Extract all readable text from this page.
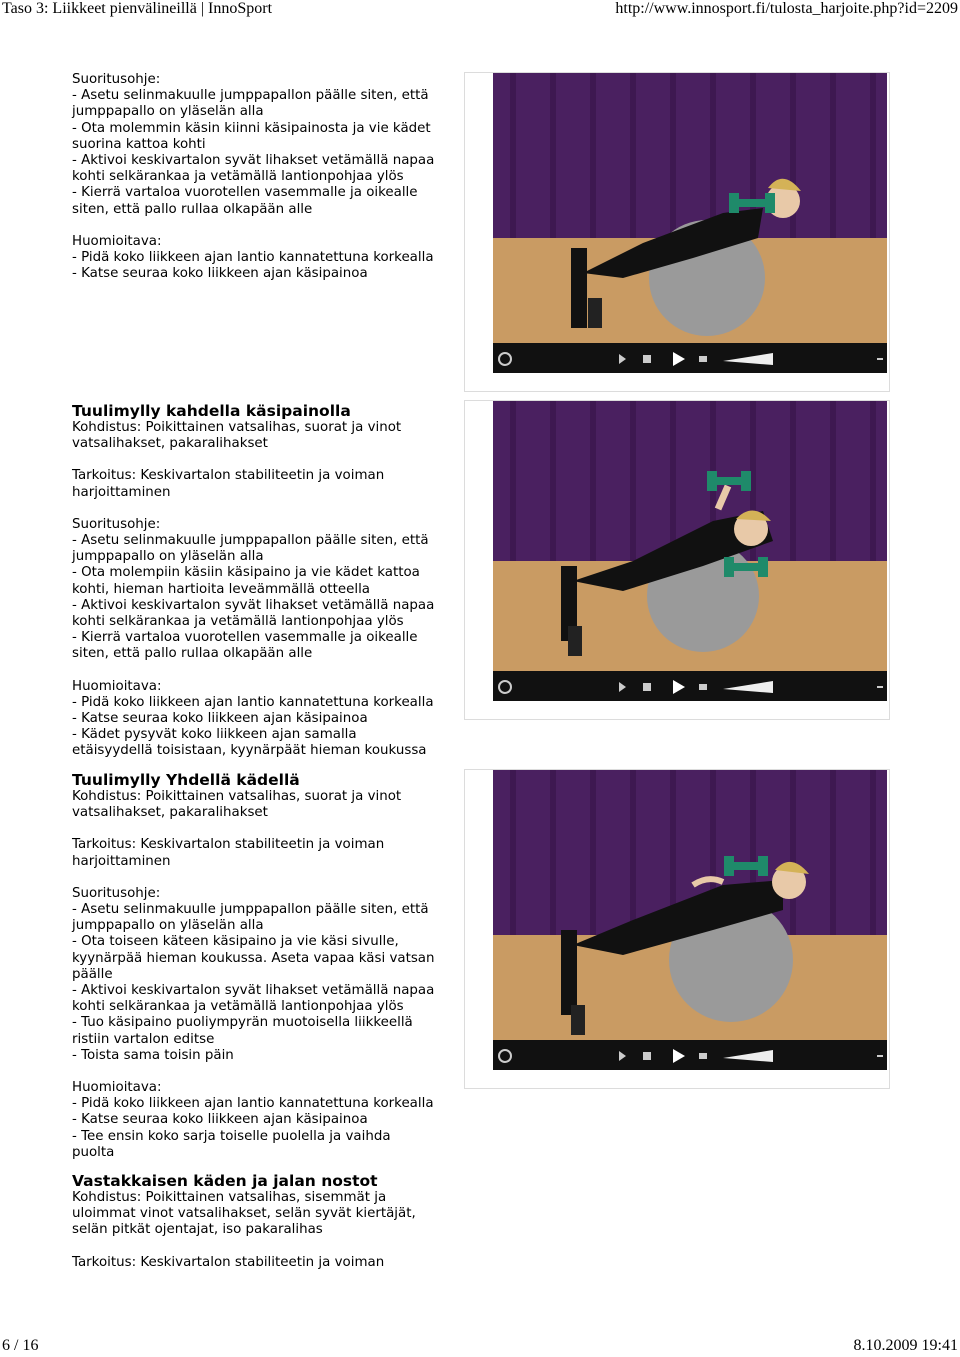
Taso 3: Liikkeet pienvälineillä | InnoSport	http://www.innosport.fi/tulosta_harjoite.php?id=2209

Suoritusohje:

- Asetu selinmakuulle jumppapallon päälle siten, että

jumppapallo on yläselän alla

- Ota molemmin käsin kiinni käsipainosta ja vie kädet

suorina kattoa kohti

- Aktivoi keskivartalon syvät lihakset vetämällä napaa

kohti selkärankaa ja vetämällä lantionpohjaa ylös

- Kierrä vartaloa vuorotellen vasemmalle ja oikealle

siten, että pallo rullaa olkapään alle

Huomioitava:

- Pidä koko liikkeen ajan lantio kannatettuna korkealla

- Katse seuraa koko liikkeen ajan käsipainoa

Tuulimylly kahdella käsipainolla

Kohdistus: Poikittainen vatsalihas, suorat ja vinot

vatsalihakset, pakaralihakset

Tarkoitus: Keskivartalon stabiliteetin ja voiman

harjoittaminen

Suoritusohje:

- Asetu selinmakuulle jumppapallon päälle siten, että

jumppapallo on yläselän alla

- Ota molempiin käsiin käsipaino ja vie kädet kattoa

kohti, hieman hartioita leveämmällä otteella

- Aktivoi keskivartalon syvät lihakset vetämällä napaa

kohti selkärankaa ja vetämällä lantionpohjaa ylös

- Kierrä vartaloa vuorotellen vasemmalle ja oikealle

siten, että pallo rullaa olkapään alle

Huomioitava:

- Pidä koko liikkeen ajan lantio kannatettuna korkealla

- Katse seuraa koko liikkeen ajan käsipainoa

- Kädet pysyvät koko liikkeen ajan samalla

etäisyydellä toisistaan, kyynärpäät hieman koukussa

Tuulimylly Yhdellä kädellä

Kohdistus: Poikittainen vatsalihas, suorat ja vinot

vatsalihakset, pakaralihakset

Tarkoitus: Keskivartalon stabiliteetin ja voiman

harjoittaminen

Suoritusohje:

- Asetu selinmakuulle jumppapallon päälle siten, että

jumppapallo on yläselän alla

- Ota toiseen käteen käsipaino ja vie käsi sivulle,

kyynärpää hieman koukussa. Aseta vapaa käsi vatsan

päälle

- Aktivoi keskivartalon syvät lihakset vetämällä napaa

kohti selkärankaa ja vetämällä lantionpohjaa ylös

- Tuo käsipaino puoliympyrän muotoisella liikkeellä

ristiin vartalon editse

- Toista sama toisin päin

Huomioitava:

- Pidä koko liikkeen ajan lantio kannatettuna korkealla

- Katse seuraa koko liikkeen ajan käsipainoa

- Tee ensin koko sarja toiselle puolella ja vaihda

puolta

Vastakkaisen käden ja jalan nostot

Kohdistus: Poikittainen vatsalihas, sisemmät ja

uloimmat vinot vatsalihakset, selän syvät kiertäjät,

selän pitkät ojentajat, iso pakaralihas

Tarkoitus: Keskivartalon stabiliteetin ja voiman

6 / 16	8.10.2009 19:41
